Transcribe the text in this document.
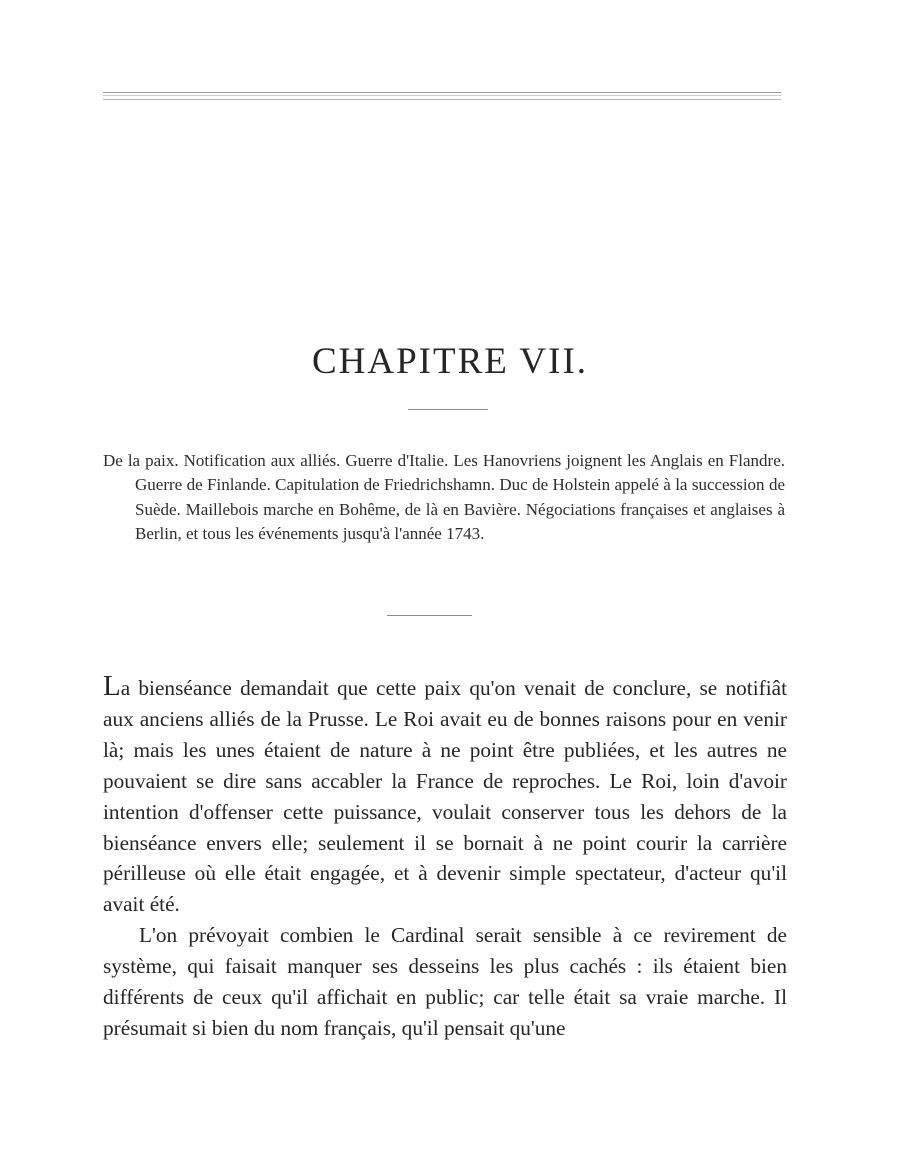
CHAPITRE VII.

De la paix. Notification aux alliés. Guerre d'Italie. Les Hanovriens joignent les Anglais en Flandre. Guerre de Finlande. Capitulation de Friedrichshamn. Duc de Holstein appelé à la succession de Suède. Maillebois marche en Bohême, de là en Bavière. Négociations françaises et anglaises à Berlin, et tous les événements jusqu'à l'année 1743.

La bienséance demandait que cette paix qu'on venait de conclure, se notifiât aux anciens alliés de la Prusse. Le Roi avait eu de bonnes raisons pour en venir là; mais les unes étaient de nature à ne point être publiées, et les autres ne pouvaient se dire sans accabler la France de reproches. Le Roi, loin d'avoir intention d'offenser cette puissance, voulait conserver tous les dehors de la bienséance envers elle; seulement il se bornait à ne point courir la carrière périlleuse où elle était engagée, et à devenir simple spectateur, d'acteur qu'il avait été.

L'on prévoyait combien le Cardinal serait sensible à ce revirement de système, qui faisait manquer ses desseins les plus cachés : ils étaient bien différents de ceux qu'il affichait en public; car telle était sa vraie marche. Il présumait si bien du nom français, qu'il pensait qu'une
